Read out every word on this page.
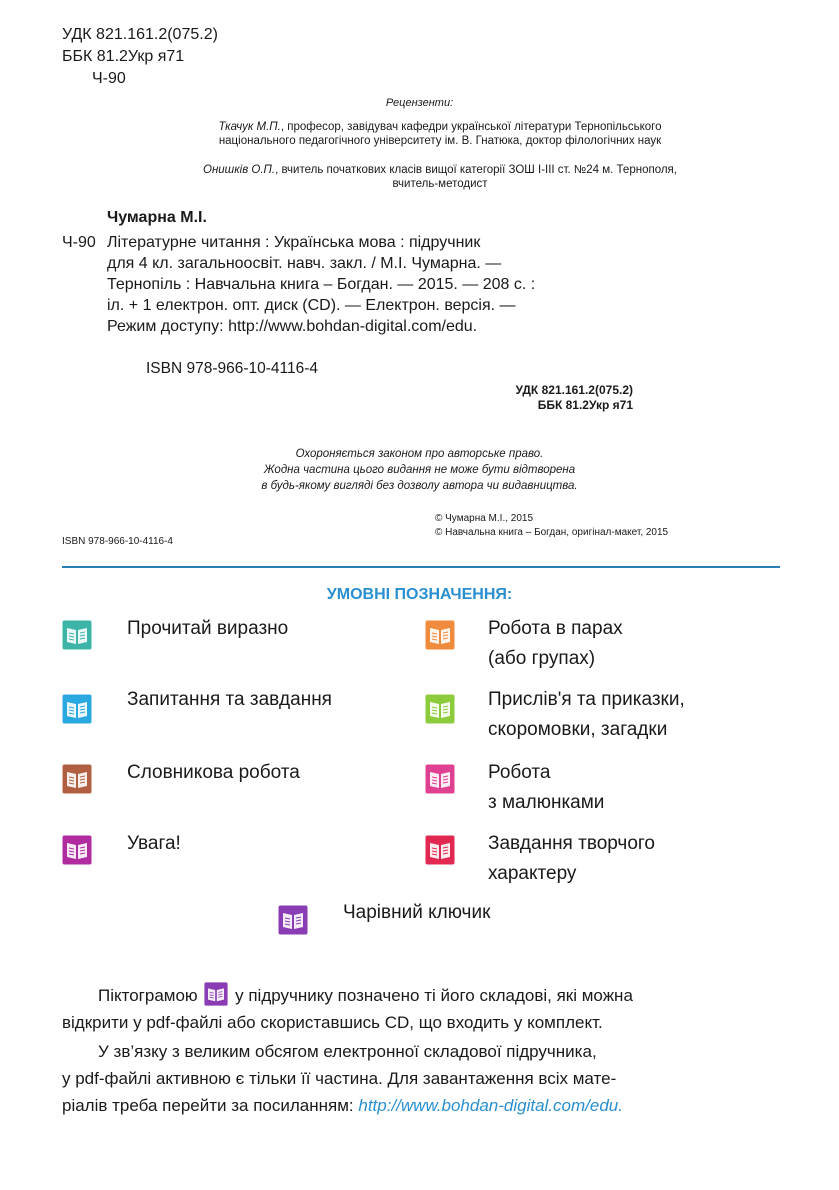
УДК 821.161.2(075.2)
ББК 81.2Укр я71
Ч-90
Рецензенти:
Ткачук М.П., професор, завідувач кафедри української літератури Тернопільського
національного педагогічного університету ім. В. Гнатюка, доктор філологічних наук
Онишків О.П., вчитель початкових класів вищої категорії ЗОШ І-ІІІ ст. №24 м. Тернополя,
вчитель-методист
Чумарна М.І.
Ч-90 Літературне читання : Українська мова : підручник
для 4 кл. загальноосвіт. навч. закл. / М.І. Чумарна. —
Тернопіль : Навчальна книга – Богдан. — 2015. — 208 с. :
іл. + 1 електрон. опт. диск (CD). — Електрон. версія. —
Режим доступу: http://www.bohdan-digital.com/edu.
ISBN 978-966-10-4116-4
УДК 821.161.2(075.2)
ББК 81.2Укр я71
Охороняється законом про авторське право.
Жодна частина цього видання не може бути відтворена
в будь-якому вигляді без дозволу автора чи видавництва.
ISBN 978-966-10-4116-4
© Чумарна М.І., 2015
© Навчальна книга – Богдан, оригінал-макет, 2015
УМОВНІ ПОЗНАЧЕННЯ:
Прочитай виразно	Робота в парах
(або групах)
Запитання та завдання	Прислів'я та приказки,
скоромовки, загадки
Словникова робота	Робота
з малюнками
Увага!	Завдання творчого
характеру
Чарівний ключик
Піктограмою
у підручнику позначено ті його складові, які можна
відкрити у pdf-файлі або скориставшись CD, що входить у комплект.
У зв’язку з великим обсягом електронної складової підручника,
у pdf-файлі активною є тільки її частина. Для завантаження всіх мате-
ріалів треба перейти за посиланням: http://www.bohdan-digital.com/edu.
